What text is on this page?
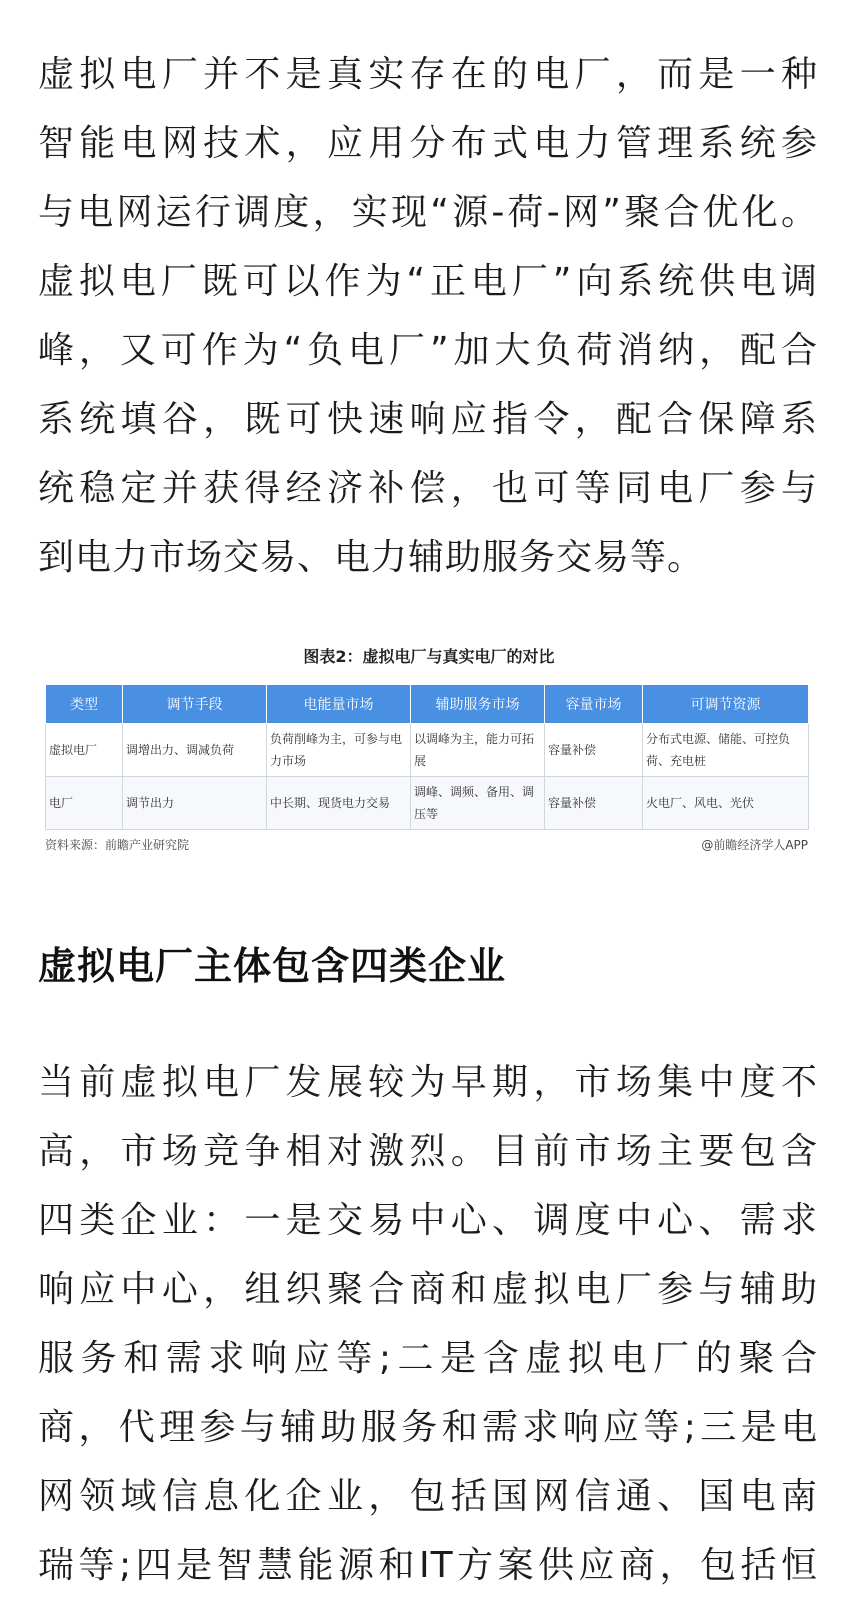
虚拟电厂并不是真实存在的电厂，而是一种
智能电网技术，应用分布式电力管理系统参
与电网运行调度，实现“源-荷-网”聚合优化。
虚拟电厂既可以作为“正电厂”向系统供电调
峰，又可作为“负电厂”加大负荷消纳，配合
系统填谷，既可快速响应指令，配合保障系
统稳定并获得经济补偿，也可等同电厂参与
到电力市场交易、电力辅助服务交易等。
图表2：虚拟电厂与真实电厂的对比
类型	调节手段	电能量市场	辅助服务市场	容量市场	可调节资源
虚拟电厂	调增出力、调减负荷	负荷削峰为主，可参与电力市场	以调峰为主，能力可拓展	容量补偿	分布式电源、储能、可控负荷、充电桩
电厂	调节出力	中长期、现货电力交易	调峰、调频、备用、调压等	容量补偿	火电厂、风电、光伏
资料来源：前瞻产业研究院	@前瞻经济学人APP
虚拟电厂主体包含四类企业
当前虚拟电厂发展较为早期，市场集中度不
高，市场竞争相对激烈。目前市场主要包含
四类企业：一是交易中心、调度中心、需求
响应中心，组织聚合商和虚拟电厂参与辅助
服务和需求响应等;二是含虚拟电厂的聚合
商，代理参与辅助服务和需求响应等;三是电
网领域信息化企业，包括国网信通、国电南
瑞等;四是智慧能源和IT方案供应商，包括恒
